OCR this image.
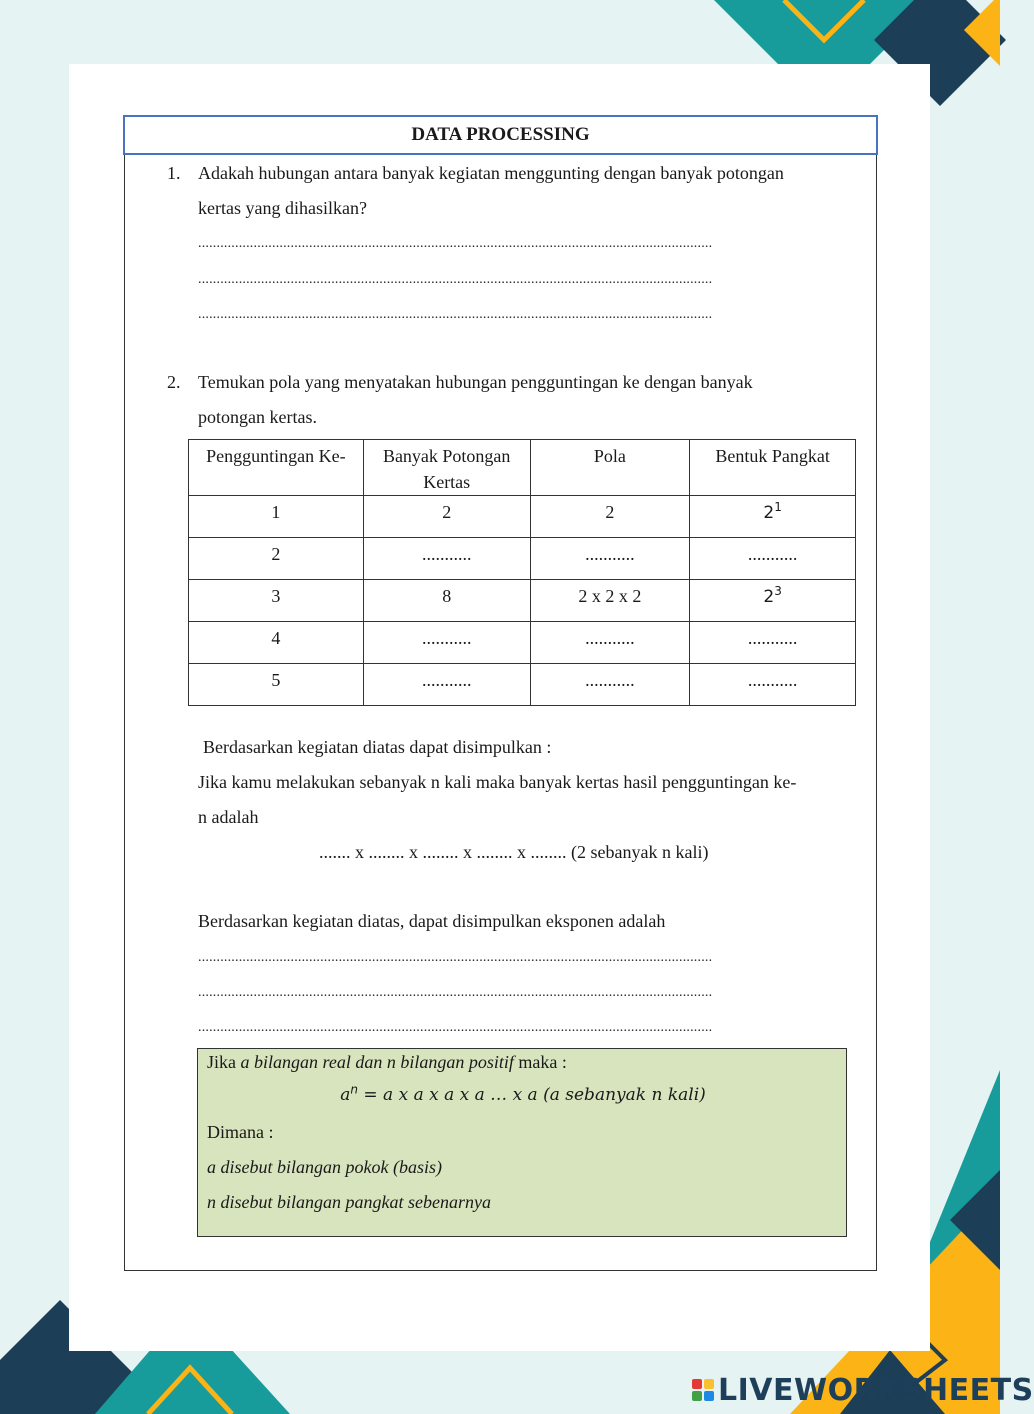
DATA PROCESSING
1. Adakah hubungan antara banyak kegiatan menggunting dengan banyak potongan
kertas yang dihasilkan?
...........................................................................................................................................
...........................................................................................................................................
...........................................................................................................................................
2. Temukan pola yang menyatakan hubungan pengguntingan ke dengan banyak
potongan kertas.
Pengguntingan Ke-	Banyak Potongan Kertas	Pola	Bentuk Pangkat
1	2	2	$2^1$
2	...........	...........	...........
3	8	2 x 2 x 2	$2^3$
4	...........	...........	...........
5	...........	...........	...........
Berdasarkan kegiatan diatas dapat disimpulkan :
Jika kamu melakukan sebanyak n kali maka banyak kertas hasil pengguntingan ke-
n adalah
....... x ........ x ........ x ........ x ........ (2 sebanyak n kali)
Berdasarkan kegiatan diatas, dapat disimpulkan eksponen adalah
...........................................................................................................................................
...........................................................................................................................................
...........................................................................................................................................
Jika a bilangan real dan n bilangan positif maka :
$a^n = a$ x a x a x a … x a (a sebanyak n kali)
Dimana :
a disebut bilangan pokok (basis)
n disebut bilangan pangkat sebenarnya
LIVEWORKSHEETS
